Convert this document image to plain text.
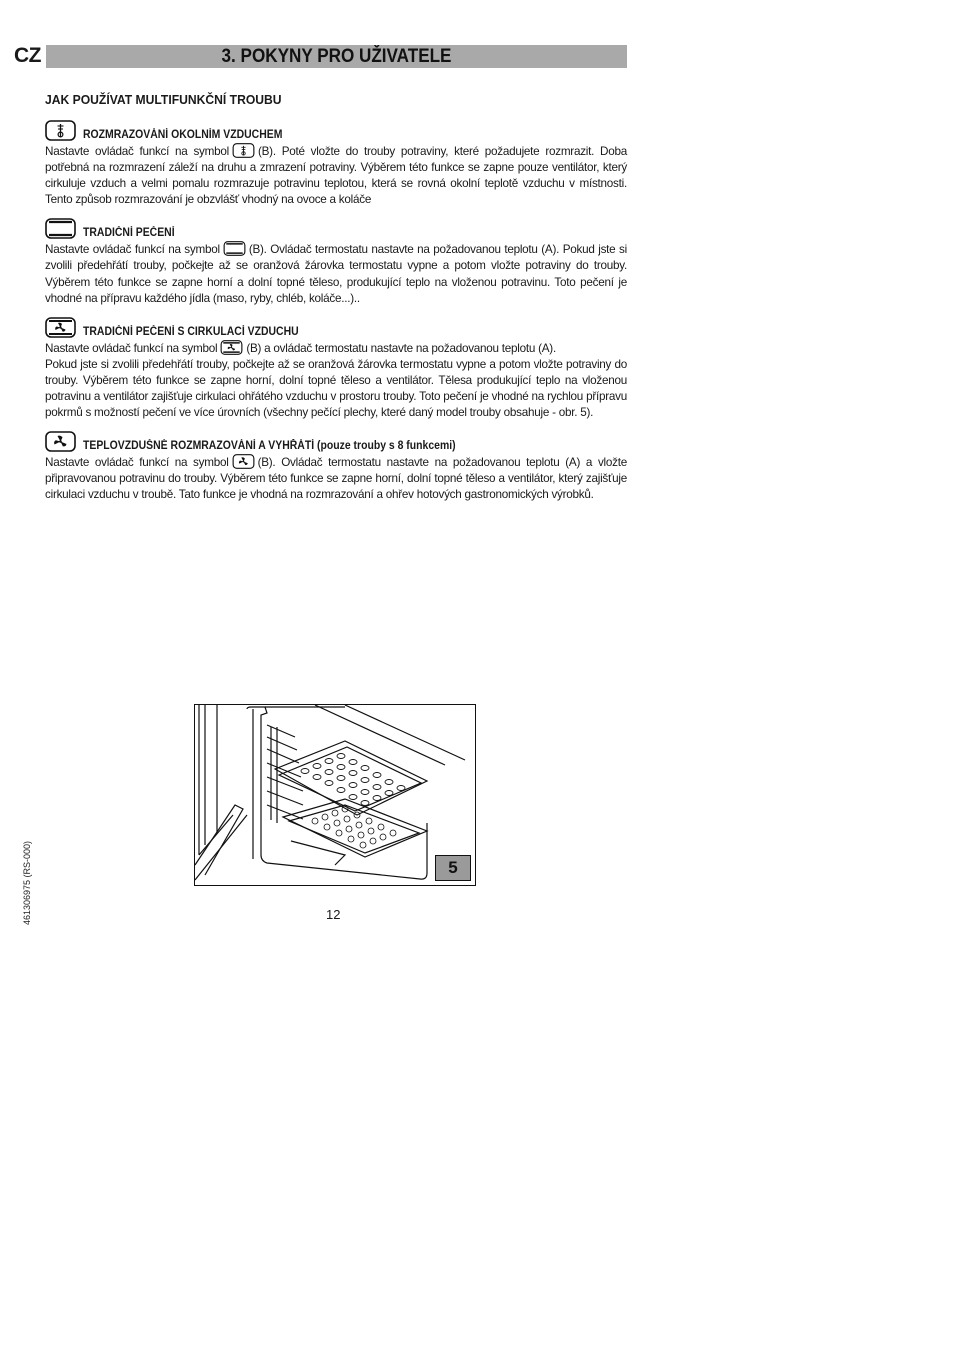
CZ	3. POKYNY PRO UŽIVATELE
JAK POUŽÍVAT MULTIFUNKČNÍ TROUBU
ROZMRAZOVÁNÍ OKOLNÍM VZDUCHEM

Nastavte ovládač funkcí na symbol (B). Poté vložte do trouby potraviny, které požadujete rozmrazit. Doba potřebná na rozmrazení záleží na druhu a zmrazení potraviny. Výběrem této funkce se zapne pouze ventilátor, který cirkuluje vzduch a velmi pomalu rozmrazuje potravinu teplotou, která se rovná okolní teplotě vzduchu v místnosti. Tento způsob rozmrazování je obzvlášť vhodný na ovoce a koláče

TRADIČNÍ PEČENÍ

Nastavte ovládač funkcí na symbol (B). Ovládač termostatu nastavte na požadovanou teplotu (A). Pokud jste si zvolili předehřátí trouby, počkejte až se oranžová žárovka termostatu vypne a potom vložte potraviny do trouby. Výběrem této funkce se zapne horní a dolní topné těleso, produkující teplo na vloženou potravinu. Toto pečení je vhodné na přípravu každého jídla (maso, ryby, chléb, koláče...)..

TRADIČNÍ PEČENÍ S CIRKULACÍ VZDUCHU

Nastavte ovládač funkcí na symbol (B) a ovládač termostatu nastavte na požadovanou teplotu (A).

Pokud jste si zvolili předehřátí trouby, počkejte až se oranžová žárovka termostatu vypne a potom vložte potraviny do trouby. Výběrem této funkce se zapne horní, dolní topné těleso a ventilátor. Tělesa produkující teplo na vloženou potravinu a ventilátor zajišťuje cirkulaci ohřátého vzduchu v prostoru trouby. Toto pečení je vhodné na rychlou přípravu pokrmů s možností pečení ve více úrovních (všechny pečící plechy, které daný model trouby obsahuje - obr. 5).

TEPLOVZDUŠNÉ ROZMRAZOVÁNÍ A VYHŘÁTÍ (pouze trouby s 8 funkcemi)

Nastavte ovládač funkcí na symbol (B). Ovládač termostatu nastavte na požadovanou teplotu (A) a vložte připravovanou potravinu do trouby. Výběrem této funkce se zapne horní, dolní topné těleso a ventilátor, který zajišťuje cirkulaci vzduchu v troubě. Tato funkce je vhodná na rozmrazování a ohřev hotových gastronomických výrobků.

5
12
461306975 (RS-000)
